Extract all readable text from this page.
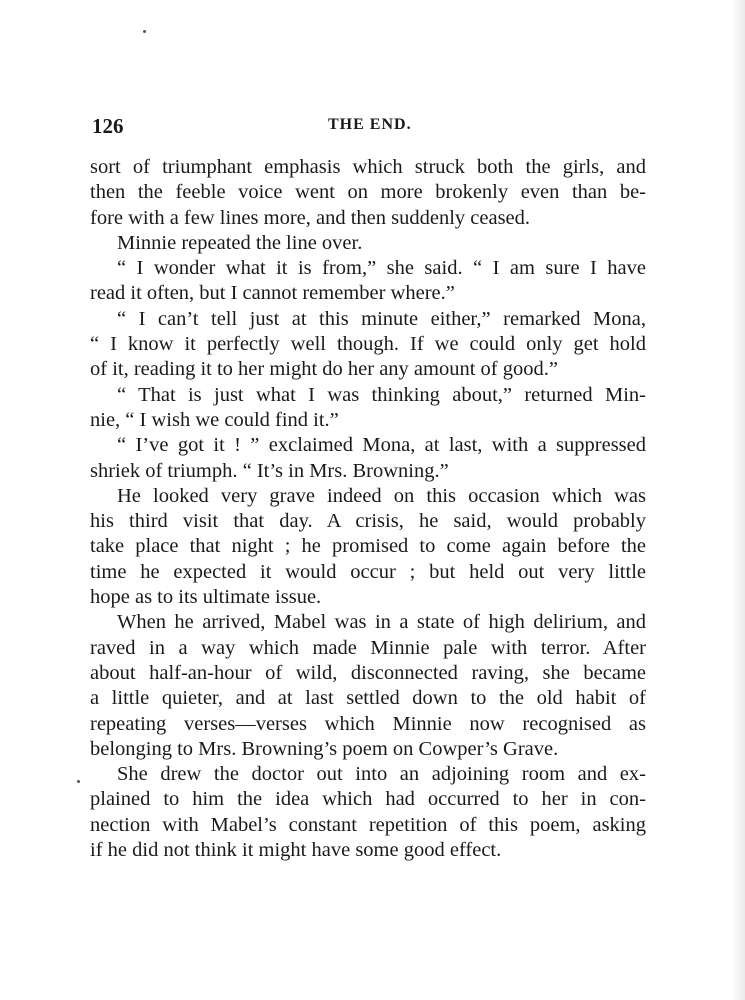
126	THE END.
sort of triumphant emphasis which struck both the girls, and
then the feeble voice went on more brokenly even than be-
fore with a few lines more, and then suddenly ceased.
Minnie repeated the line over.
“ I wonder what it is from,” she said. “ I am sure I have
read it often, but I cannot remember where.”
“ I can’t tell just at this minute either,” remarked Mona,
“ I know it perfectly well though. If we could only get hold
of it, reading it to her might do her any amount of good.”
“ That is just what I was thinking about,” returned Min-
nie, “ I wish we could find it.”
“ I’ve got it ! ” exclaimed Mona, at last, with a suppressed
shriek of triumph. “ It’s in Mrs. Browning.”
He looked very grave indeed on this occasion which was
his third visit that day. A crisis, he said, would probably
take place that night ; he promised to come again before the
time he expected it would occur ; but held out very little
hope as to its ultimate issue.
When he arrived, Mabel was in a state of high delirium, and
raved in a way which made Minnie pale with terror. After
about half-an-hour of wild, disconnected raving, she became
a little quieter, and at last settled down to the old habit of
repeating verses—verses which Minnie now recognised as
belonging to Mrs. Browning’s poem on Cowper’s Grave.
She drew the doctor out into an adjoining room and ex-
plained to him the idea which had occurred to her in con-
nection with Mabel’s constant repetition of this poem, asking
if he did not think it might have some good effect.
